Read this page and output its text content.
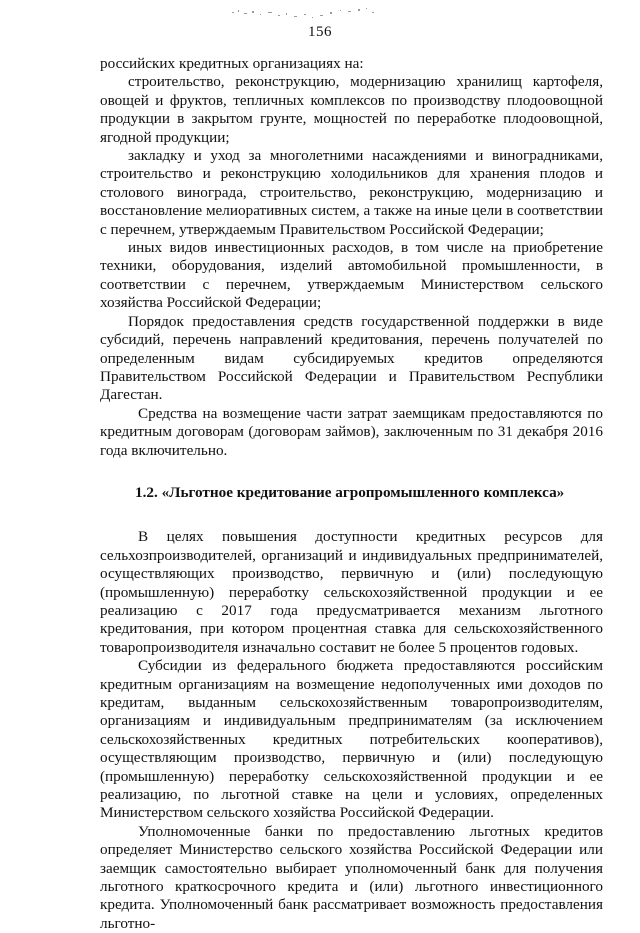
156

российских кредитных организациях на:

строительство, реконструкцию, модернизацию хранилищ картофеля, овощей и фруктов, тепличных комплексов по производству плодоовощной продукции в закрытом грунте, мощностей по переработке плодоовощной, ягодной продукции;

закладку и уход за многолетними насаждениями и виноградниками, строительство и реконструкцию холодильников для хранения плодов и столового винограда, строительство, реконструкцию, модернизацию и восстановление мелиоративных систем, а также на иные цели в соответствии с перечнем, утверждаемым Правительством Российской Федерации;

иных видов инвестиционных расходов, в том числе на приобретение техники, оборудования, изделий автомобильной промышленности, в соответствии с перечнем, утверждаемым Министерством сельского хозяйства Российской Федерации;

Порядок предоставления средств государственной поддержки в виде субсидий, перечень направлений кредитования, перечень получателей по определенным видам субсидируемых кредитов определяются Правительством Российской Федерации и Правительством Республики Дагестан.

Средства на возмещение части затрат заемщикам предоставляются по кредитным договорам (договорам займов), заключенным по 31 декабря 2016 года включительно.

1.2. «Льготное кредитование агропромышленного комплекса»

В целях повышения доступности кредитных ресурсов для сельхозпроизводителей, организаций и индивидуальных предпринимателей, осуществляющих производство, первичную и (или) последующую (промышленную) переработку сельскохозяйственной продукции и ее реализацию с 2017 года предусматривается механизм льготного кредитования, при котором процентная ставка для сельскохозяйственного товаропроизводителя изначально составит не более 5 процентов годовых.

Субсидии из федерального бюджета предоставляются российским кредитным организациям на возмещение недополученных ими доходов по кредитам, выданным сельскохозяйственным товаропроизводителям, организациям и индивидуальным предпринимателям (за исключением сельскохозяйственных кредитных потребительских кооперативов), осуществляющим производство, первичную и (или) последующую (промышленную) переработку сельскохозяйственной продукции и ее реализацию, по льготной ставке на цели и условиях, определенных Министерством сельского хозяйства Российской Федерации.

Уполномоченные банки по предоставлению льготных кредитов определяет Министерство сельского хозяйства Российской Федерации или заемщик самостоятельно выбирает уполномоченный банк для получения льготного краткосрочного кредита и (или) льготного инвестиционного кредита. Уполномоченный банк рассматривает возможность предоставления льготно-
